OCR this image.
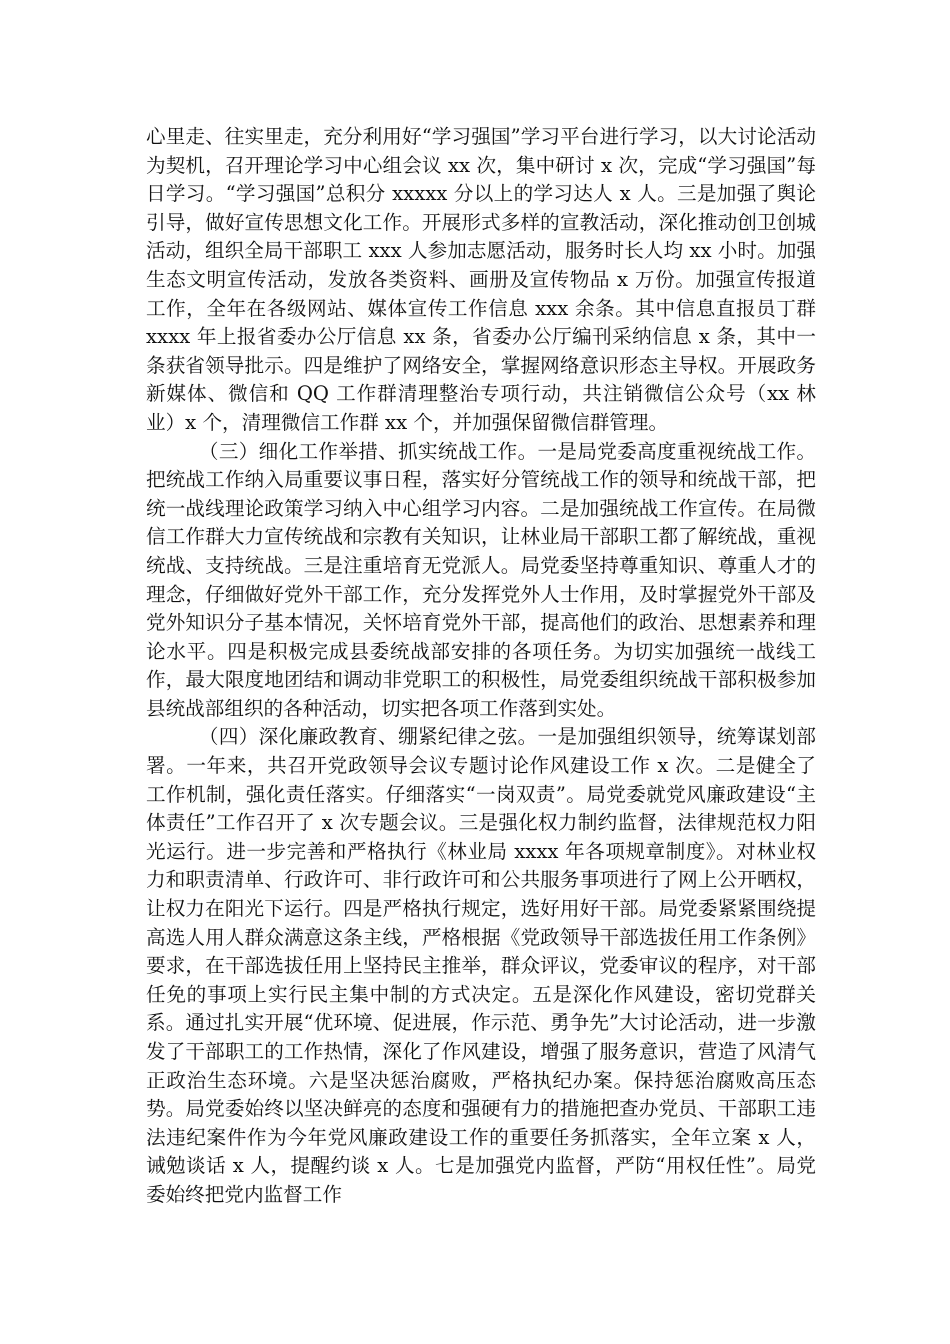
心里走、往实里走，充分利用好“学习强国”学习平台进行学习，以大讨论活动为契机，召开理论学习中心组会议 xx 次，集中研讨 x 次，完成“学习强国”每日学习。“学习强国”总积分 xxxxx 分以上的学习达人 x 人。三是加强了舆论引导，做好宣传思想文化工作。开展形式多样的宣教活动，深化推动创卫创城活动，组织全局干部职工 xxx 人参加志愿活动，服务时长人均 xx 小时。加强生态文明宣传活动，发放各类资料、画册及宣传物品 x 万份。加强宣传报道工作，全年在各级网站、媒体宣传工作信息 xxx 余条。其中信息直报员丁群 xxxx 年上报省委办公厅信息 xx 条，省委办公厅编刊采纳信息 x 条，其中一条获省领导批示。四是维护了网络安全，掌握网络意识形态主导权。开展政务新媒体、微信和 QQ 工作群清理整治专项行动，共注销微信公众号（xx 林业）x 个，清理微信工作群 xx 个，并加强保留微信群管理。

（三）细化工作举措、抓实统战工作。一是局党委高度重视统战工作。把统战工作纳入局重要议事日程，落实好分管统战工作的领导和统战干部，把统一战线理论政策学习纳入中心组学习内容。二是加强统战工作宣传。在局微信工作群大力宣传统战和宗教有关知识，让林业局干部职工都了解统战，重视统战、支持统战。三是注重培育无党派人。局党委坚持尊重知识、尊重人才的理念，仔细做好党外干部工作，充分发挥党外人士作用，及时掌握党外干部及党外知识分子基本情况，关怀培育党外干部，提高他们的政治、思想素养和理论水平。四是积极完成县委统战部安排的各项任务。为切实加强统一战线工作，最大限度地团结和调动非党职工的积极性，局党委组织统战干部积极参加县统战部组织的各种活动，切实把各项工作落到实处。

（四）深化廉政教育、绷紧纪律之弦。一是加强组织领导，统筹谋划部署。一年来，共召开党政领导会议专题讨论作风建设工作 x 次。二是健全了工作机制，强化责任落实。仔细落实“一岗双责”。局党委就党风廉政建设“主体责任”工作召开了 x 次专题会议。三是强化权力制约监督，法律规范权力阳光运行。进一步完善和严格执行《林业局 xxxx 年各项规章制度》。对林业权力和职责清单、行政许可、非行政许可和公共服务事项进行了网上公开晒权，让权力在阳光下运行。四是严格执行规定，选好用好干部。局党委紧紧围绕提高选人用人群众满意这条主线，严格根据《党政领导干部选拔任用工作条例》要求，在干部选拔任用上坚持民主推举，群众评议，党委审议的程序，对干部任免的事项上实行民主集中制的方式决定。五是深化作风建设，密切党群关系。通过扎实开展“优环境、促进展，作示范、勇争先”大讨论活动，进一步激发了干部职工的工作热情，深化了作风建设，增强了服务意识，营造了风清气正政治生态环境。六是坚决惩治腐败，严格执纪办案。保持惩治腐败高压态势。局党委始终以坚决鲜亮的态度和强硬有力的措施把查办党员、干部职工违法违纪案件作为今年党风廉政建设工作的重要任务抓落实，全年立案 x 人，诫勉谈话 x 人，提醒约谈 x 人。七是加强党内监督，严防“用权任性”。局党委始终把党内监督工作
